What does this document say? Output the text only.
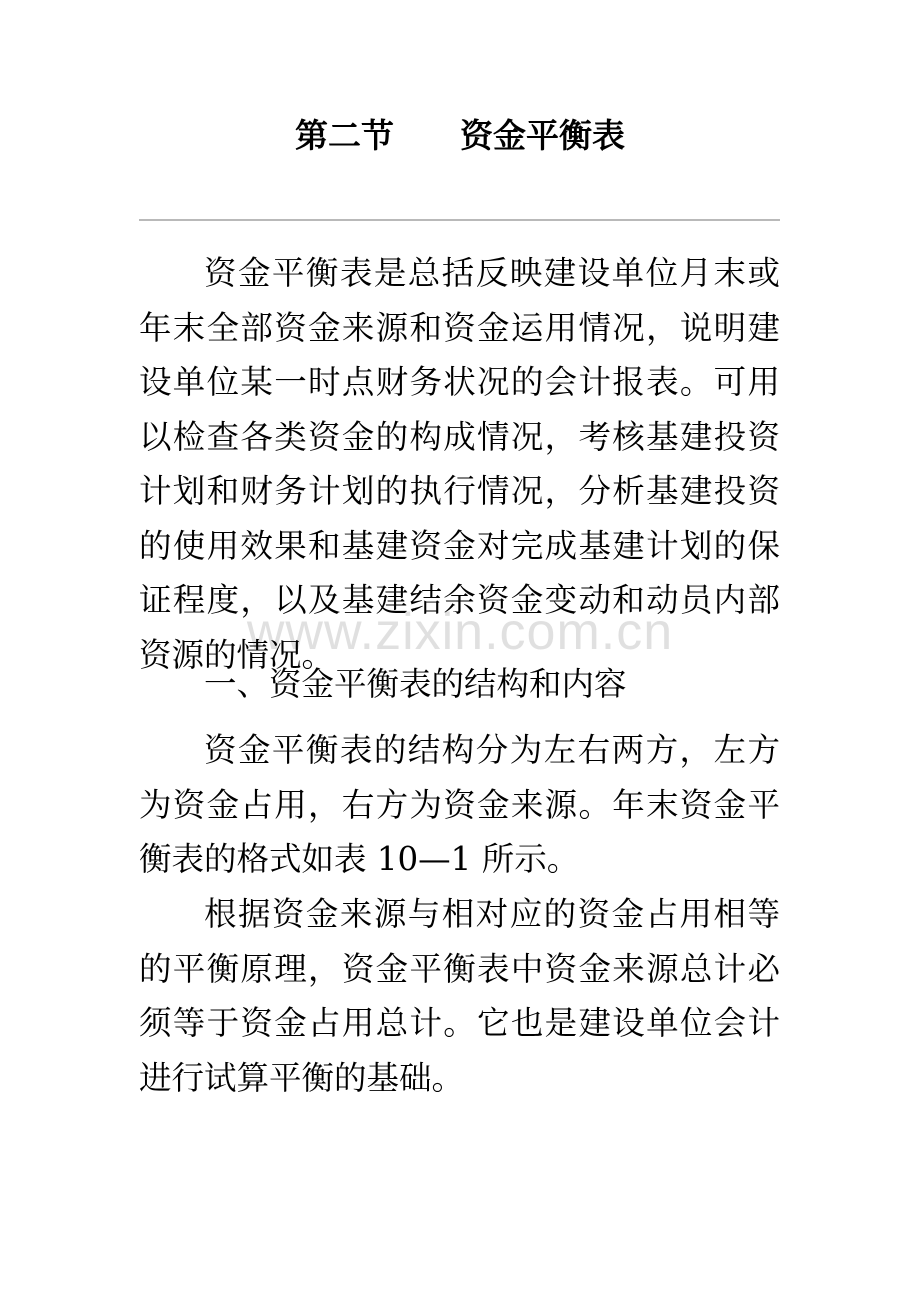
第二节　　资金平衡表

资金平衡表是总括反映建设单位月末或年末全部资金来源和资金运用情况，说明建设单位某一时点财务状况的会计报表。可用以检查各类资金的构成情况，考核基建投资计划和财务计划的执行情况，分析基建投资的使用效果和基建资金对完成基建计划的保证程度，以及基建结余资金变动和动员内部资源的情况。

一、资金平衡表的结构和内容

资金平衡表的结构分为左右两方，左方为资金占用，右方为资金来源。年末资金平衡表的格式如表 10—1 所示。

根据资金来源与相对应的资金占用相等的平衡原理，资金平衡表中资金来源总计必须等于资金占用总计。它也是建设单位会计进行试算平衡的基础。

www.zixin.com.cn
